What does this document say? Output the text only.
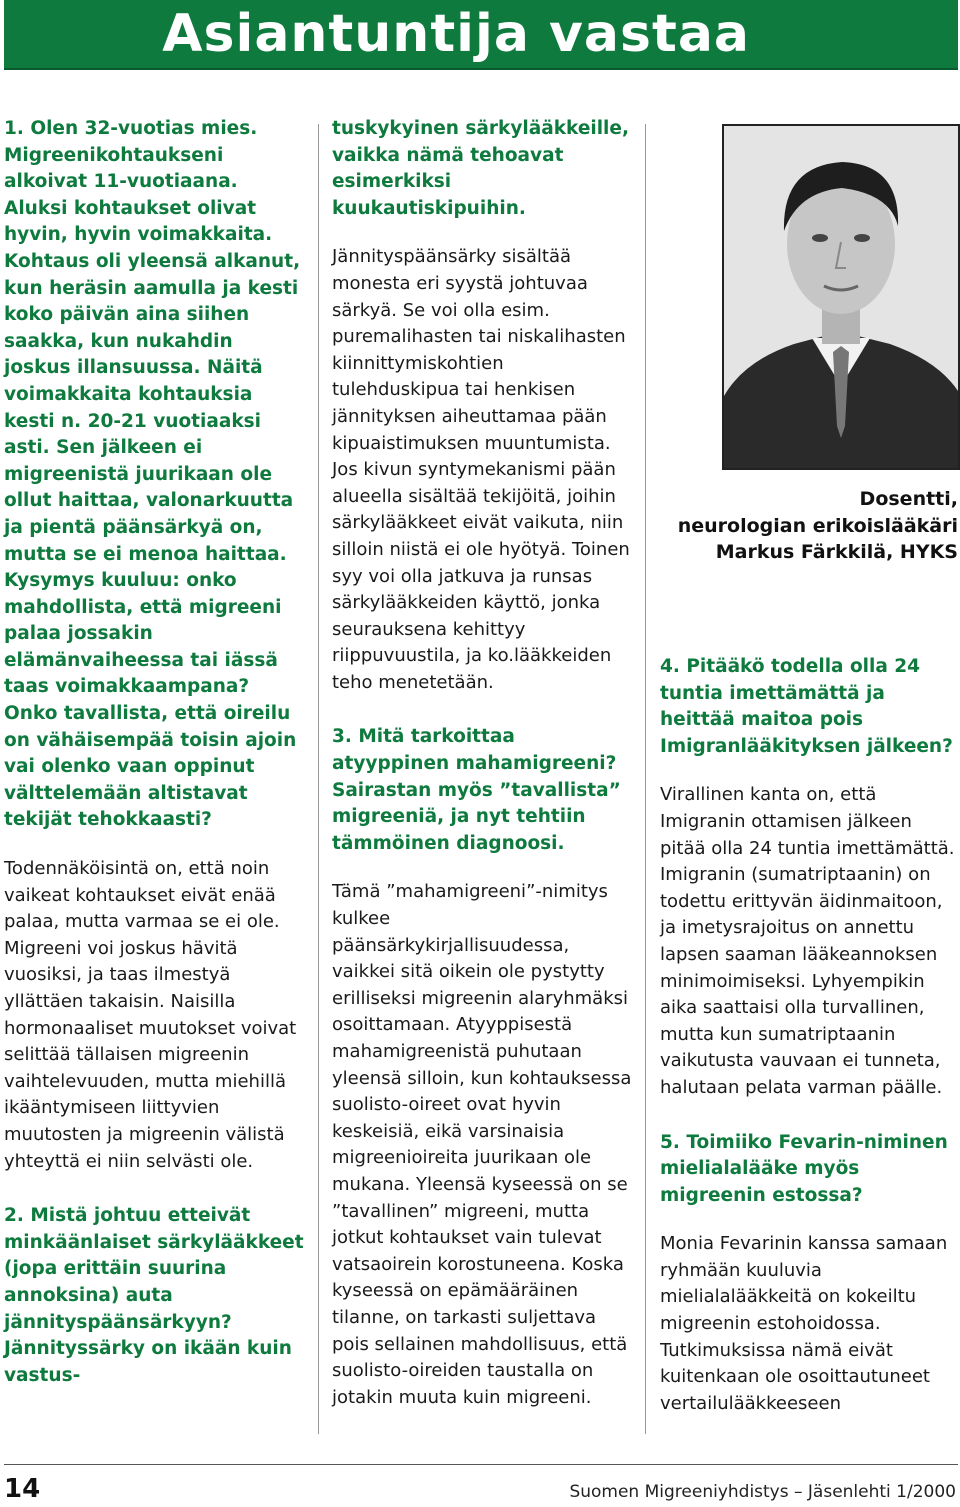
Asiantuntija vastaa

1. Olen 32-vuotias mies. Migreenikohtaukseni alkoivat 11-vuotiaana. Aluksi kohtaukset olivat hyvin, hyvin voimakkaita. Kohtaus oli yleensä alkanut, kun heräsin aamulla ja kesti koko päivän aina siihen saakka, kun nukahdin joskus illansuussa. Näitä voimakkaita kohtauksia kesti n. 20-21 vuotiaaksi asti. Sen jälkeen ei migreenistä juurikaan ole ollut haittaa, valonarkuutta ja pientä päänsärkyä on, mutta se ei menoa haittaa. Kysymys kuuluu: onko mahdollista, että migreeni palaa jossakin elämänvaiheessa tai iässä taas voimakkaampana? Onko tavallista, että oireilu on vähäisempää toisin ajoin vai olenko vaan oppinut välttelemään altistavat tekijät tehokkaasti?

Todennäköisintä on, että noin vaikeat kohtaukset eivät enää palaa, mutta varmaa se ei ole. Migreeni voi joskus hävitä vuosiksi, ja taas ilmestyä yllättäen takaisin. Naisilla hormonaaliset muutokset voivat selittää tällaisen migreenin vaihtelevuuden, mutta miehillä ikääntymiseen liittyvien muutosten ja migreenin välistä yhteyttä ei niin selvästi ole.

2. Mistä johtuu etteivät minkäänlaiset särkylääkkeet (jopa erittäin suurina annoksina) auta jännityspäänsärkyyn? Jännityssärky on ikään kuin vastus-

tuskykyinen särkylääkkeille, vaikka nämä tehoavat esimerkiksi kuukautiskipuihin.

Jännityspäänsärky sisältää monesta eri syystä johtuvaa särkyä. Se voi olla esim. puremalihasten tai niskalihasten kiinnittymiskohtien tulehduskipua tai henkisen jännityksen aiheuttamaa pään kipuaistimuksen muuntumista. Jos kivun syntymekanismi pään alueella sisältää tekijöitä, joihin särkylääkkeet eivät vaikuta, niin silloin niistä ei ole hyötyä. Toinen syy voi olla jatkuva ja runsas särkylääkkeiden käyttö, jonka seurauksena kehittyy riippuvuustila, ja ko.lääkkeiden teho menetetään.

3. Mitä tarkoittaa atyyppinen mahamigreeni? Sairastan myös ”tavallista” migreeniä, ja nyt tehtiin tämmöinen diagnoosi.

Tämä ”mahamigreeni”-nimitys kulkee päänsärkykirjallisuudessa, vaikkei sitä oikein ole pystytty erilliseksi migreenin alaryhmäksi osoittamaan. Atyyppisestä mahamigreenistä puhutaan yleensä silloin, kun kohtauksessa suolisto-oireet ovat hyvin keskeisiä, eikä varsinaisia migreenioireita juurikaan ole mukana. Yleensä kyseessä on se ”tavallinen” migreeni, mutta jotkut kohtaukset vain tulevat vatsaoirein korostuneena. Koska kyseessä on epämääräinen tilanne, on tarkasti suljettava pois sellainen mahdollisuus, että suolisto-oireiden taustalla on jotakin muuta kuin migreeni.

Dosentti,
neurologian erikoislääkäri
Markus Färkkilä, HYKS

4. Pitääkö todella olla 24 tuntia imettämättä ja heittää maitoa pois Imigranlääkityksen jälkeen?

Virallinen kanta on, että Imigranin ottamisen jälkeen pitää olla 24 tuntia imettämättä. Imigranin (sumatriptaanin) on todettu erittyvän äidinmaitoon, ja imetysrajoitus on annettu lapsen saaman lääkeannoksen minimoimiseksi. Lyhyempikin aika saattaisi olla turvallinen, mutta kun sumatriptaanin vaikutusta vauvaan ei tunneta, halutaan pelata varman päälle.

5. Toimiiko Fevarin-niminen mielialalääke myös migreenin estossa?

Monia Fevarinin kanssa samaan ryhmään kuuluvia mielialalääkkeitä on kokeiltu migreenin estohoidossa. Tutkimuksissa nämä eivät kuitenkaan ole osoittautuneet vertailulääkkeeseen

14	Suomen Migreeniyhdistys – Jäsenlehti 1/2000
